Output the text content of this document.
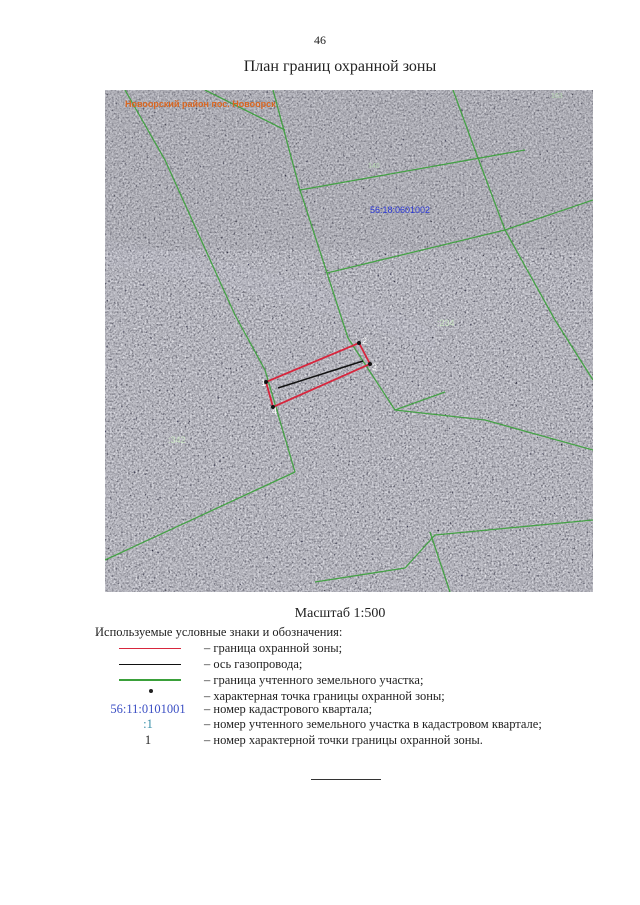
46
План границ охранной зоны
1
2
3
4
Новоорский район пос. Новоорск
56:18:0601002
:234
:342
163
140
Масштаб 1:500
Используемые условные знаки и обозначения:
– граница охранной зоны;
– ось газопровода;
– граница учтенного земельного участка;
– характерная точка границы охранной зоны;
56:11:0101001	– номер кадастрового квартала;
:1	– номер учтенного земельного участка в кадастровом квартале;
1	– номер характерной точки границы охранной зоны.
